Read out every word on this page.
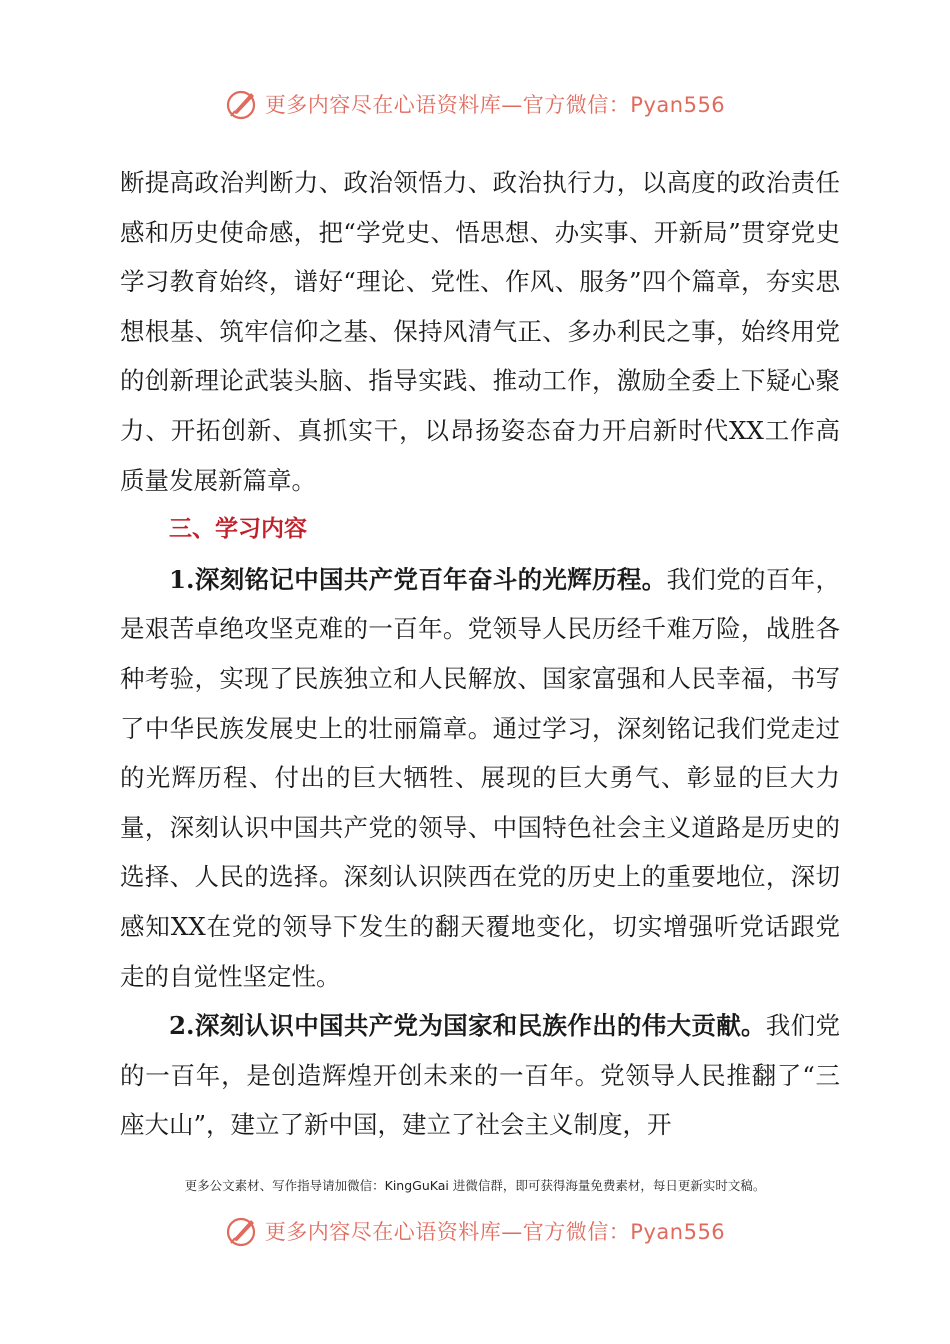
更多内容尽在心语资料库—官方微信：Pyan556

断提高政治判断力、政治领悟力、政治执行力，以高度的政治责任感和历史使命感，把“学党史、悟思想、办实事、开新局”贯穿党史学习教育始终，谱好“理论、党性、作风、服务”四个篇章，夯实思想根基、筑牢信仰之基、保持风清气正、多办利民之事，始终用党的创新理论武装头脑、指导实践、推动工作，激励全委上下疑心聚力、开拓创新、真抓实干，以昂扬姿态奋力开启新时代XX工作高质量发展新篇章。

三、学习内容

1.深刻铭记中国共产党百年奋斗的光辉历程。我们党的百年，是艰苦卓绝攻坚克难的一百年。党领导人民历经千难万险，战胜各种考验，实现了民族独立和人民解放、国家富强和人民幸福，书写了中华民族发展史上的壮丽篇章。通过学习，深刻铭记我们党走过的光辉历程、付出的巨大牺牲、展现的巨大勇气、彰显的巨大力量，深刻认识中国共产党的领导、中国特色社会主义道路是历史的选择、人民的选择。深刻认识陕西在党的历史上的重要地位，深切感知XX在党的领导下发生的翻天覆地变化，切实增强听党话跟党走的自觉性坚定性。

2.深刻认识中国共产党为国家和民族作出的伟大贡献。我们党的一百年，是创造辉煌开创未来的一百年。党领导人民推翻了“三座大山”，建立了新中国，建立了社会主义制度，开

更多公文素材、写作指导请加微信：KingGuKai 进微信群，即可获得海量免费素材，每日更新实时文稿。
更多内容尽在心语资料库—官方微信：Pyan556
